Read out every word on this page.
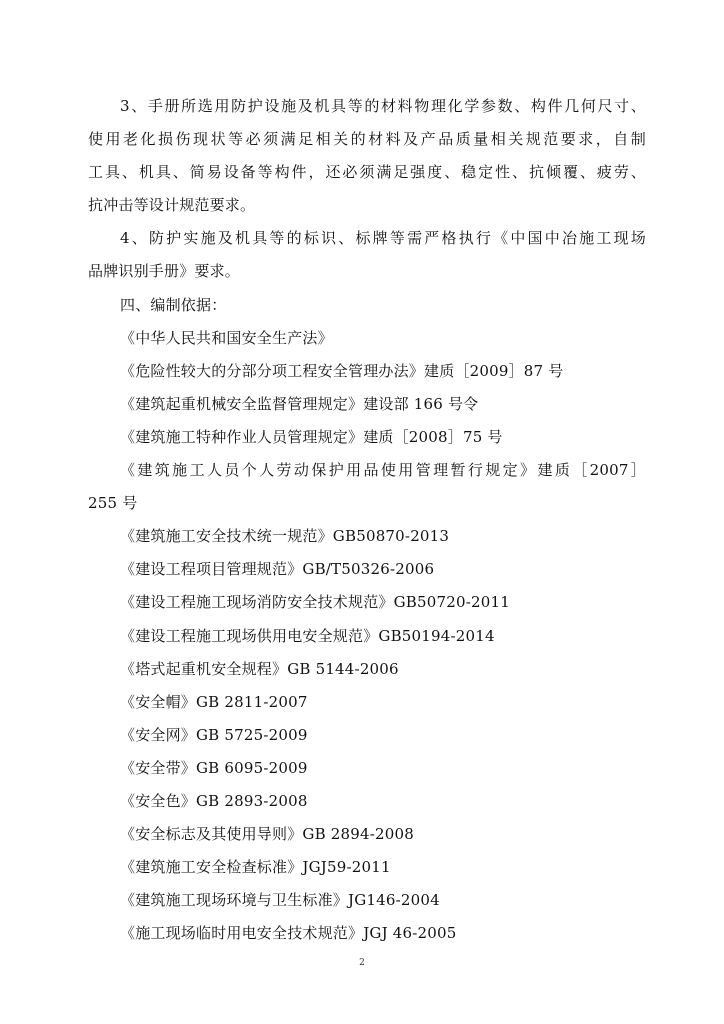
3、手册所选用防护设施及机具等的材料物理化学参数、构件几何尺寸、
使用老化损伤现状等必须满足相关的材料及产品质量相关规范要求，自制
工具、机具、简易设备等构件，还必须满足强度、稳定性、抗倾覆、疲劳、
抗冲击等设计规范要求。
4、防护实施及机具等的标识、标牌等需严格执行《中国中冶施工现场
品牌识别手册》要求。
四、编制依据：
《中华人民共和国安全生产法》
《危险性较大的分部分项工程安全管理办法》建质［2009］87 号
《建筑起重机械安全监督管理规定》建设部 166 号令
《建筑施工特种作业人员管理规定》建质［2008］75 号
《建筑施工人员个人劳动保护用品使用管理暂行规定》建质［2007］
255 号
《建筑施工安全技术统一规范》GB50870-2013
《建设工程项目管理规范》GB/T50326-2006
《建设工程施工现场消防安全技术规范》GB50720-2011
《建设工程施工现场供用电安全规范》GB50194-2014
《塔式起重机安全规程》GB 5144-2006
《安全帽》GB 2811-2007
《安全网》GB 5725-2009
《安全带》GB 6095-2009
《安全色》GB 2893-2008
《安全标志及其使用导则》GB 2894-2008
《建筑施工安全检查标准》JGJ59-2011
《建筑施工现场环境与卫生标准》JG146-2004
《施工现场临时用电安全技术规范》JGJ 46-2005
2
